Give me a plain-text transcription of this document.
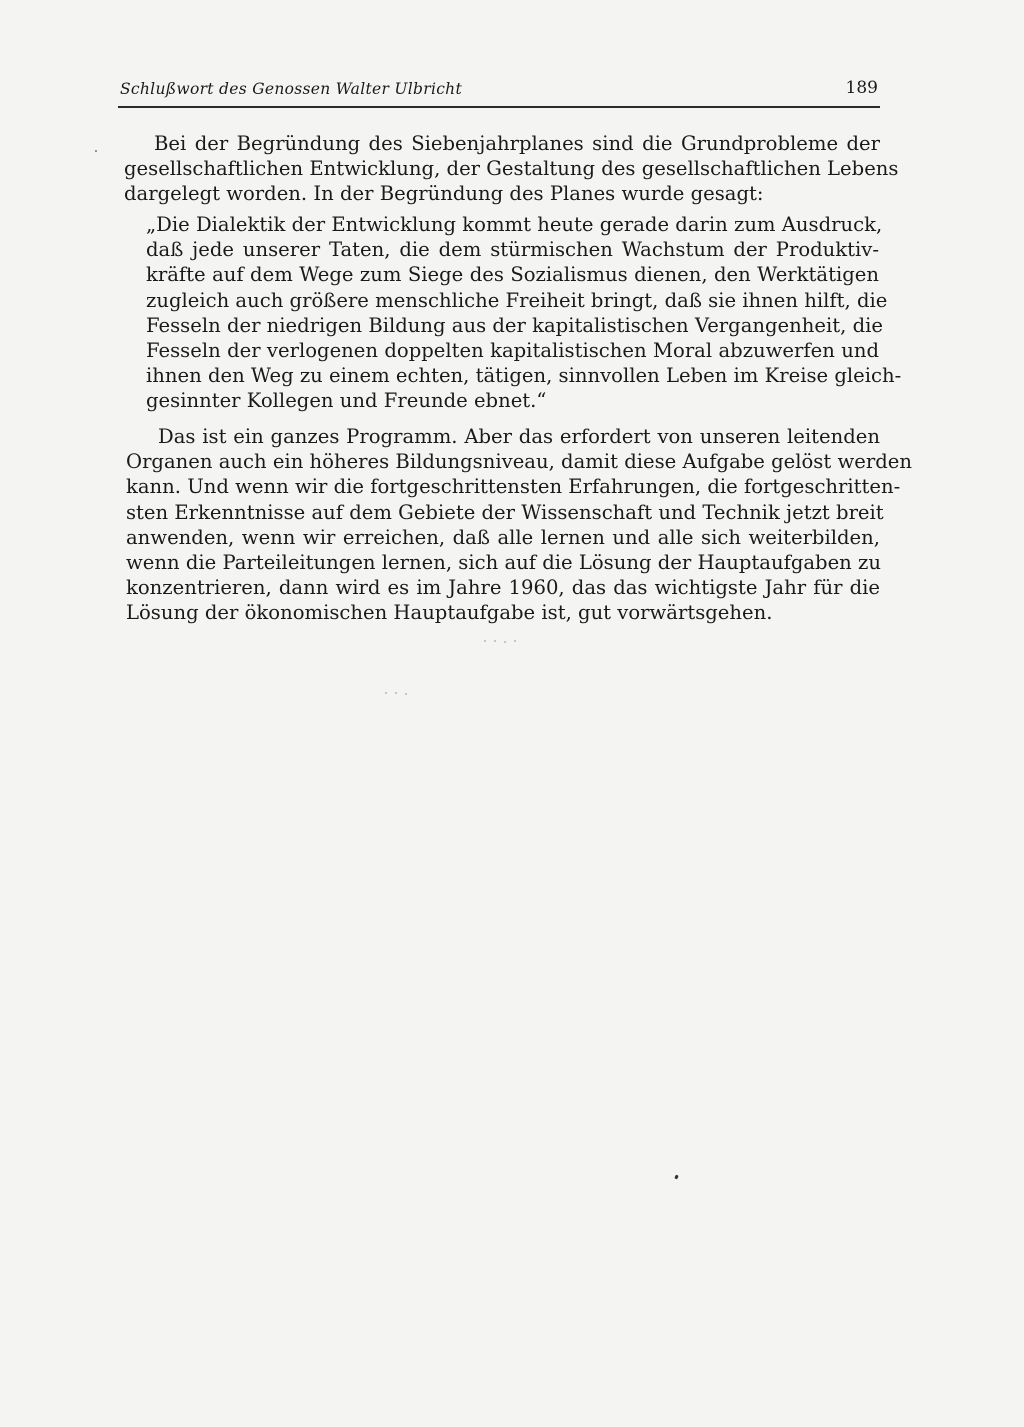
Schlußwort des Genossen Walter Ulbricht	189

Bei der Begründung des Siebenjahrplanes sind die Grundprobleme der
gesellschaftlichen Entwicklung, der Gestaltung des gesellschaftlichen Lebens
dargelegt worden. In der Begründung des Planes wurde gesagt:

„Die Dialektik der Entwicklung kommt heute gerade darin zum Ausdruck,
daß jede unserer Taten, die dem stürmischen Wachstum der Produktiv-
kräfte auf dem Wege zum Siege des Sozialismus dienen, den Werktätigen
zugleich auch größere menschliche Freiheit bringt, daß sie ihnen hilft, die
Fesseln der niedrigen Bildung aus der kapitalistischen Vergangenheit, die
Fesseln der verlogenen doppelten kapitalistischen Moral abzuwerfen und
ihnen den Weg zu einem echten, tätigen, sinnvollen Leben im Kreise gleich-
gesinnter Kollegen und Freunde ebnet.“

Das ist ein ganzes Programm. Aber das erfordert von unseren leitenden
Organen auch ein höheres Bildungsniveau, damit diese Aufgabe gelöst werden
kann. Und wenn wir die fortgeschrittensten Erfahrungen, die fortgeschritten-
sten Erkenntnisse auf dem Gebiete der Wissenschaft und Technik jetzt breit
anwenden, wenn wir erreichen, daß alle lernen und alle sich weiterbilden,
wenn die Parteileitungen lernen, sich auf die Lösung der Hauptaufgaben zu
konzentrieren, dann wird es im Jahre 1960, das das wichtigste Jahr für die
Lösung der ökonomischen Hauptaufgabe ist, gut vorwärtsgehen.
